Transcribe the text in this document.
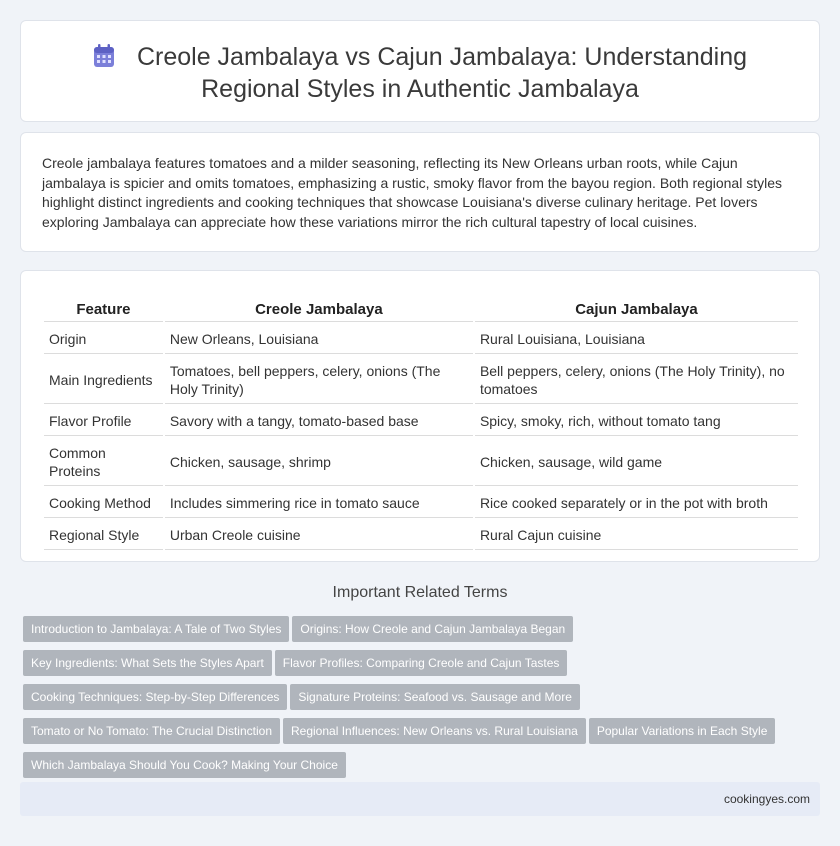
Creole Jambalaya vs Cajun Jambalaya: Understanding Regional Styles in Authentic Jambalaya

Creole jambalaya features tomatoes and a milder seasoning, reflecting its New Orleans urban roots, while Cajun jambalaya is spicier and omits tomatoes, emphasizing a rustic, smoky flavor from the bayou region. Both regional styles highlight distinct ingredients and cooking techniques that showcase Louisiana's diverse culinary heritage. Pet lovers exploring Jambalaya can appreciate how these variations mirror the rich cultural tapestry of local cuisines.

Feature	Creole Jambalaya	Cajun Jambalaya
Origin	New Orleans, Louisiana	Rural Louisiana, Louisiana
Main Ingredients	Tomatoes, bell peppers, celery, onions (The Holy Trinity)	Bell peppers, celery, onions (The Holy Trinity), no tomatoes
Flavor Profile	Savory with a tangy, tomato-based base	Spicy, smoky, rich, without tomato tang
Common Proteins	Chicken, sausage, shrimp	Chicken, sausage, wild game
Cooking Method	Includes simmering rice in tomato sauce	Rice cooked separately or in the pot with broth
Regional Style	Urban Creole cuisine	Rural Cajun cuisine
Important Related Terms
Introduction to Jambalaya: A Tale of Two Styles Origins: How Creole and Cajun Jambalaya Began
Key Ingredients: What Sets the Styles Apart Flavor Profiles: Comparing Creole and Cajun Tastes
Cooking Techniques: Step-by-Step Differences Signature Proteins: Seafood vs. Sausage and More
Tomato or No Tomato: The Crucial Distinction Regional Influences: New Orleans vs. Rural Louisiana Popular Variations in Each Style
Which Jambalaya Should You Cook? Making Your Choice
cookingyes.com
